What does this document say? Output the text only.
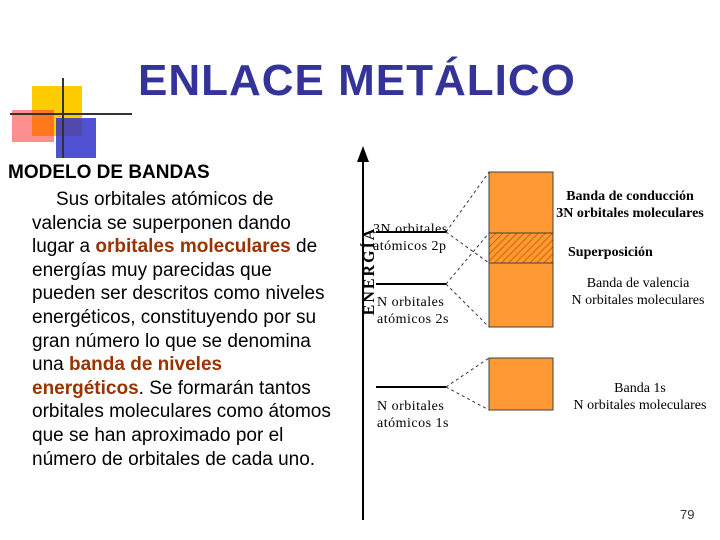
ENLACE METÁLICO
MODELO DE BANDAS

Sus orbitales atómicos de valencia se superponen dando lugar a orbitales moleculares de energías muy parecidas que pueden ser descritos como niveles energéticos, constituyendo por su gran número lo que se denomina una banda de niveles energéticos. Se formarán tantos orbitales moleculares como átomos que se han aproximado por el número de orbitales de cada uno.

ENERGÍA
3N orbitales
atómicos 2p
N orbitales
atómicos 2s
N orbitales
atómicos 1s
Banda de conducción
3N orbitales moleculares
Superposición
Banda de valencia
N orbitales moleculares
Banda 1s
N orbitales moleculares
79
